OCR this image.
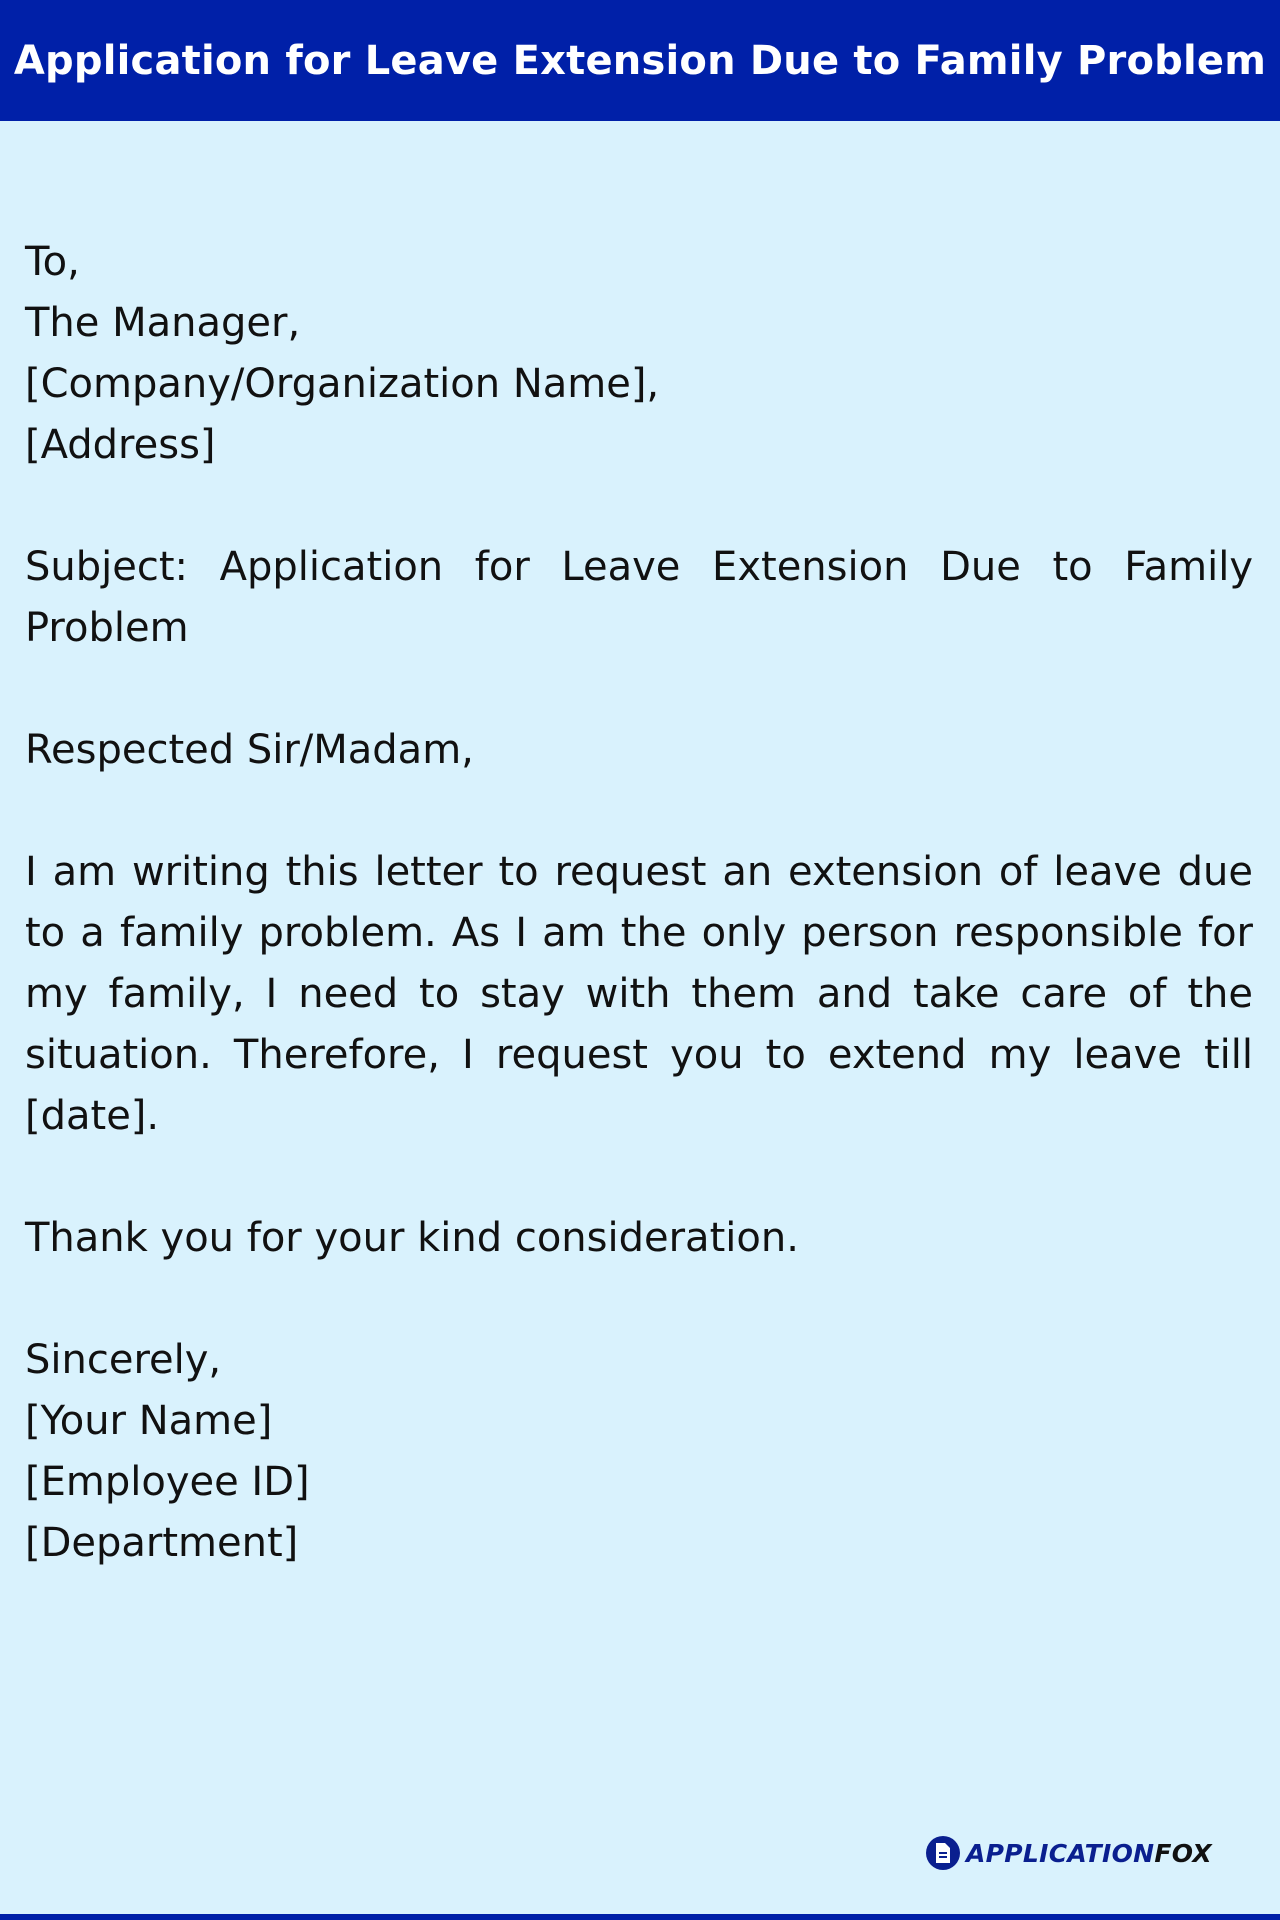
Application for Leave Extension Due to Family Problem
To,
The Manager,
[Company/Organization Name],
[Address]
Subject: Application for Leave Extension Due to Family Problem
Respected Sir/Madam,
I am writing this letter to request an extension of leave due to a family problem. As I am the only person responsible for my family, I need to stay with them and take care of the situation. Therefore, I request you to extend my leave till [date].
Thank you for your kind consideration.
Sincerely,
[Your Name]
[Employee ID]
[Department]
APPLICATIONFOX
